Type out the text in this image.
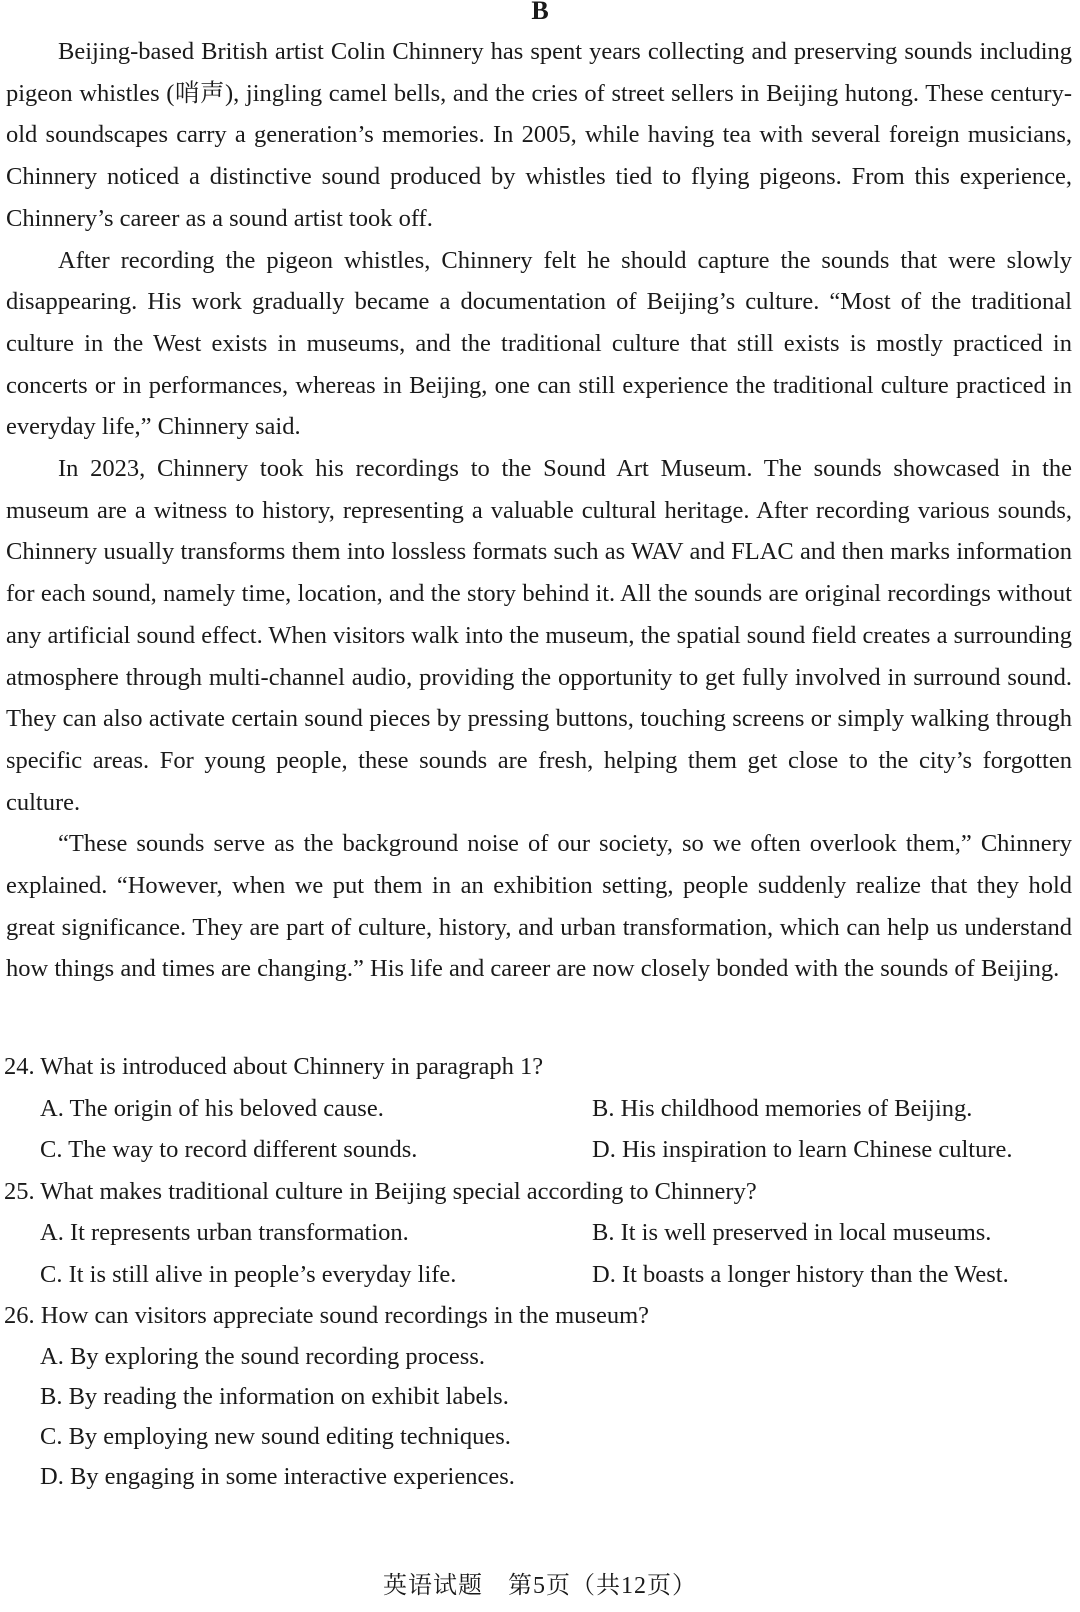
B

Beijing-based British artist Colin Chinnery has spent years collecting and preserving sounds including pigeon whistles (哨声), jingling camel bells, and the cries of street sellers in Beijing hutong. These century-old soundscapes carry a generation’s memories. In 2005, while having tea with several foreign musicians, Chinnery noticed a distinctive sound produced by whistles tied to flying pigeons. From this experience, Chinnery’s career as a sound artist took off.

After recording the pigeon whistles, Chinnery felt he should capture the sounds that were slowly disappearing. His work gradually became a documentation of Beijing’s culture. “Most of the traditional culture in the West exists in museums, and the traditional culture that still exists is mostly practiced in concerts or in performances, whereas in Beijing, one can still experience the traditional culture practiced in everyday life,” Chinnery said.

In 2023, Chinnery took his recordings to the Sound Art Museum. The sounds showcased in the museum are a witness to history, representing a valuable cultural heritage. After recording various sounds, Chinnery usually transforms them into lossless formats such as WAV and FLAC and then marks information for each sound, namely time, location, and the story behind it. All the sounds are original recordings without any artificial sound effect. When visitors walk into the museum, the spatial sound field creates a surrounding atmosphere through multi-channel audio, providing the opportunity to get fully involved in surround sound. They can also activate certain sound pieces by pressing buttons, touching screens or simply walking through specific areas. For young people, these sounds are fresh, helping them get close to the city’s forgotten culture.

“These sounds serve as the background noise of our society, so we often overlook them,” Chinnery explained. “However, when we put them in an exhibition setting, people suddenly realize that they hold great significance. They are part of culture, history, and urban transformation, which can help us understand how things and times are changing.” His life and career are now closely bonded with the sounds of Beijing.

24. What is introduced about Chinnery in paragraph 1?
A. The origin of his beloved cause.	B. His childhood memories of Beijing.
C. The way to record different sounds.	D. His inspiration to learn Chinese culture.
25. What makes traditional culture in Beijing special according to Chinnery?
A. It represents urban transformation.	B. It is well preserved in local museums.
C. It is still alive in people’s everyday life.	D. It boasts a longer history than the West.
26. How can visitors appreciate sound recordings in the museum?
A. By exploring the sound recording process.
B. By reading the information on exhibit labels.
C. By employing new sound editing techniques.
D. By engaging in some interactive experiences.
英语试题　第5页（共12页）
